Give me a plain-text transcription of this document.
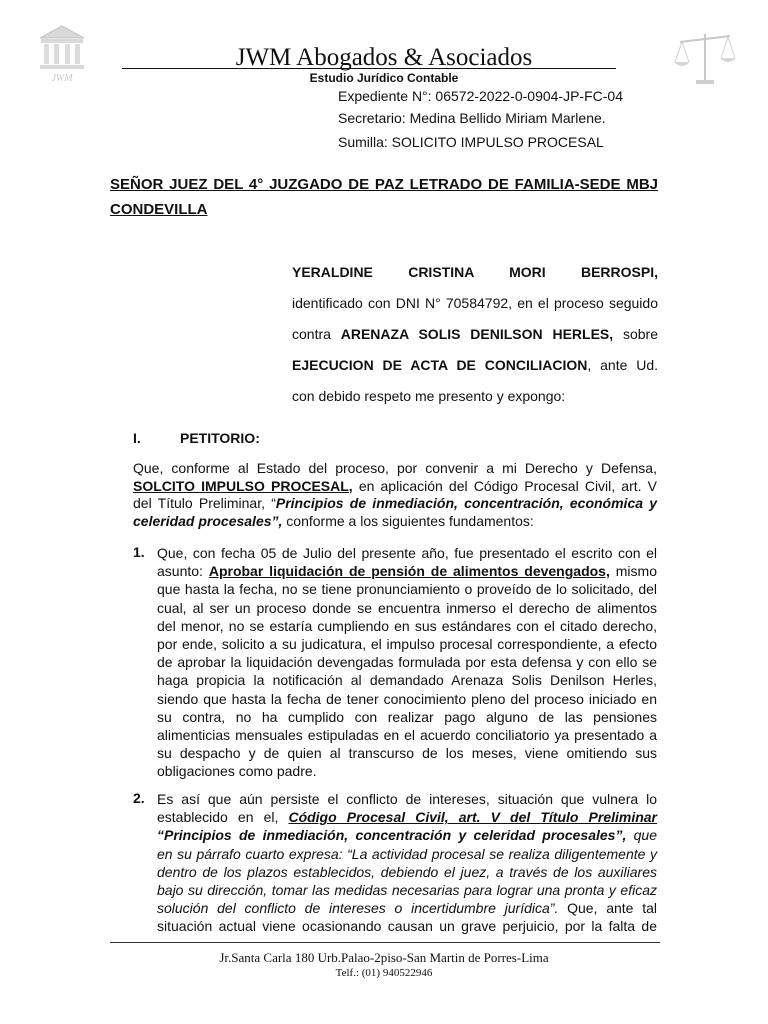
JWM
JWM Abogados & Asociados
Estudio Jurídico Contable
Expediente N°: 06572-2022-0-0904-JP-FC-04
Secretario: Medina Bellido Miriam Marlene.
Sumilla: SOLICITO IMPULSO PROCESAL
SEÑOR JUEZ DEL 4° JUZGADO DE PAZ LETRADO DE FAMILIA-SEDE MBJ
CONDEVILLA
YERALDINE CRISTINA MORI BERROSPI,
identificado con DNI N° 70584792, en el proceso seguido
contra ARENAZA SOLIS DENILSON HERLES, sobre
EJECUCION DE ACTA DE CONCILIACION, ante Ud.
con debido respeto me presento y expongo:
I.	PETITORIO:
Que, conforme al Estado del proceso, por convenir a mi Derecho y Defensa,
SOLCITO IMPULSO PROCESAL, en aplicación del Código Procesal Civil, art. V
del Título Preliminar, “Principios de inmediación, concentración, económica y
celeridad procesales”, conforme a los siguientes fundamentos:
1. Que, con fecha 05 de Julio del presente año, fue presentado el escrito con el
asunto: Aprobar liquidación de pensión de alimentos devengados, mismo
que hasta la fecha, no se tiene pronunciamiento o proveído de lo solicitado, del
cual, al ser un proceso donde se encuentra inmerso el derecho de alimentos
del menor, no se estaría cumpliendo en sus estándares con el citado derecho,
por ende, solicito a su judicatura, el impulso procesal correspondiente, a efecto
de aprobar la liquidación devengadas formulada por esta defensa y con ello se
haga propicia la notificación al demandado Arenaza Solis Denilson Herles,
siendo que hasta la fecha de tener conocimiento pleno del proceso iniciado en
su contra, no ha cumplido con realizar pago alguno de las pensiones
alimenticias mensuales estipuladas en el acuerdo conciliatorio ya presentado a
su despacho y de quien al transcurso de los meses, viene omitiendo sus
obligaciones como padre.
2. Es así que aún persiste el conflicto de intereses, situación que vulnera lo
establecido en el, Código Procesal Civil, art. V del Título Preliminar
“Principios de inmediación, concentración y celeridad procesales”, que
en su párrafo cuarto expresa: “La actividad procesal se realiza diligentemente y
dentro de los plazos establecidos, debiendo el juez, a través de los auxiliares
bajo su dirección, tomar las medidas necesarias para lograr una pronta y eficaz
solución del conflicto de intereses o incertidumbre jurídica”. Que, ante tal
situación actual viene ocasionando causan un grave perjuicio, por la falta de
Jr.Santa Carla 180 Urb.Palao-2piso-San Martin de Porres-Lima
Telf.: (01) 940522946
